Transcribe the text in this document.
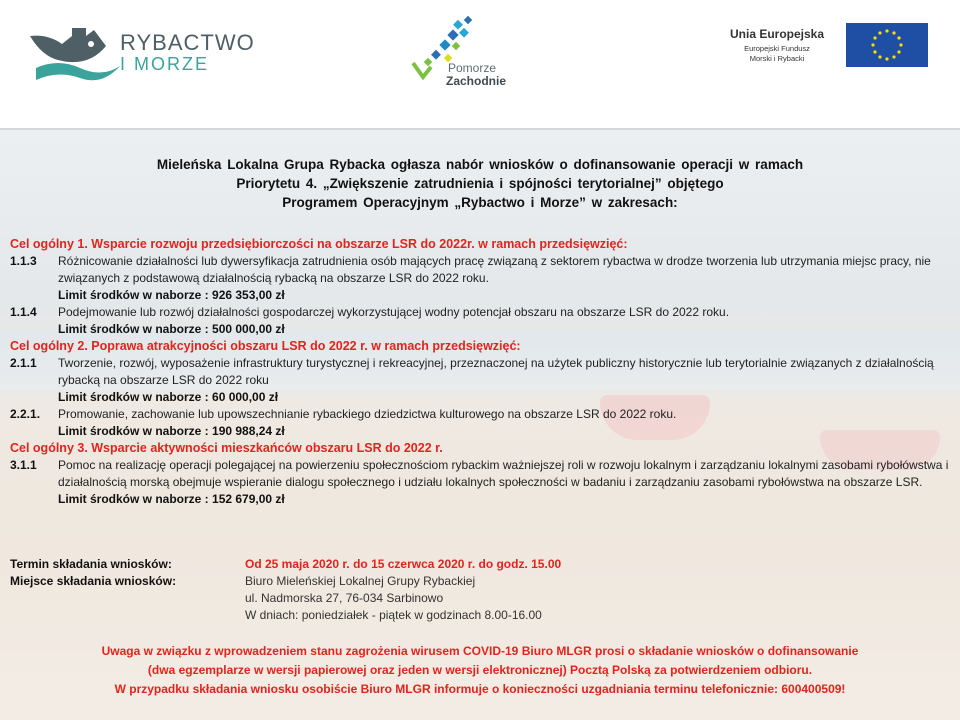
RYBACTWO
I MORZE	Pomorze
Zachodnie
Unia Europejska
Europejski Fundusz
Morski i Rybacki
Mieleńska Lokalna Grupa Rybacka ogłasza nabór wniosków o dofinansowanie operacji w ramach
Priorytetu 4. „Zwiększenie zatrudnienia i spójności terytorialnej” objętego
Programem Operacyjnym „Rybactwo i Morze” w zakresach:
Cel ogólny 1. Wsparcie rozwoju przedsiębiorczości na obszarze LSR do 2022r. w ramach przedsięwzięć:
1.1.3 Różnicowanie działalności lub dywersyfikacja zatrudnienia osób mających pracę związaną z sektorem rybactwa w drodze tworzenia lub utrzymania miejsc pracy, nie związanych z podstawową działalnością rybacką na obszarze LSR do 2022 roku.
Limit środków w naborze : 926 353,00 zł
1.1.4 Podejmowanie lub rozwój działalności gospodarczej wykorzystującej wodny potencjał obszaru na obszarze LSR do 2022 roku.
Limit środków w naborze : 500 000,00 zł
Cel ogólny 2. Poprawa atrakcyjności obszaru LSR do 2022 r. w ramach przedsięwzięć:
2.1.1 Tworzenie, rozwój, wyposażenie infrastruktury turystycznej i rekreacyjnej, przeznaczonej na użytek publiczny historycznie lub terytorialnie związanych z działalnością rybacką na obszarze LSR do 2022 roku
Limit środków w naborze : 60 000,00 zł
2.2.1. Promowanie, zachowanie lub upowszechnianie rybackiego dziedzictwa kulturowego na obszarze LSR do 2022 roku.
Limit środków w naborze : 190 988,24 zł
Cel ogólny 3. Wsparcie aktywności mieszkańców obszaru LSR do 2022 r.
3.1.1 Pomoc na realizację operacji polegającej na powierzeniu społecznościom rybackim ważniejszej roli w rozwoju lokalnym i zarządzaniu lokalnymi zasobami rybołówstwa i działalnością morską obejmuje wspieranie dialogu społecznego i udziału lokalnych społeczności w badaniu i zarządzaniu zasobami rybołówstwa na obszarze LSR.
Limit środków w naborze : 152 679,00 zł
Termin składania wniosków:	Od 25 maja 2020 r. do 15 czerwca 2020 r. do godz. 15.00
Miejsce składania wniosków:	Biuro Mieleńskiej Lokalnej Grupy Rybackiej
ul. Nadmorska 27, 76-034 Sarbinowo
W dniach: poniedziałek - piątek w godzinach 8.00-16.00
Uwaga w związku z wprowadzeniem stanu zagrożenia wirusem COVID-19 Biuro MLGR prosi o składanie wniosków o dofinansowanie
(dwa egzemplarze w wersji papierowej oraz jeden w wersji elektronicznej) Pocztą Polską za potwierdzeniem odbioru.
W przypadku składania wniosku osobiście Biuro MLGR informuje o konieczności uzgadniania terminu telefonicznie: 600400509!
